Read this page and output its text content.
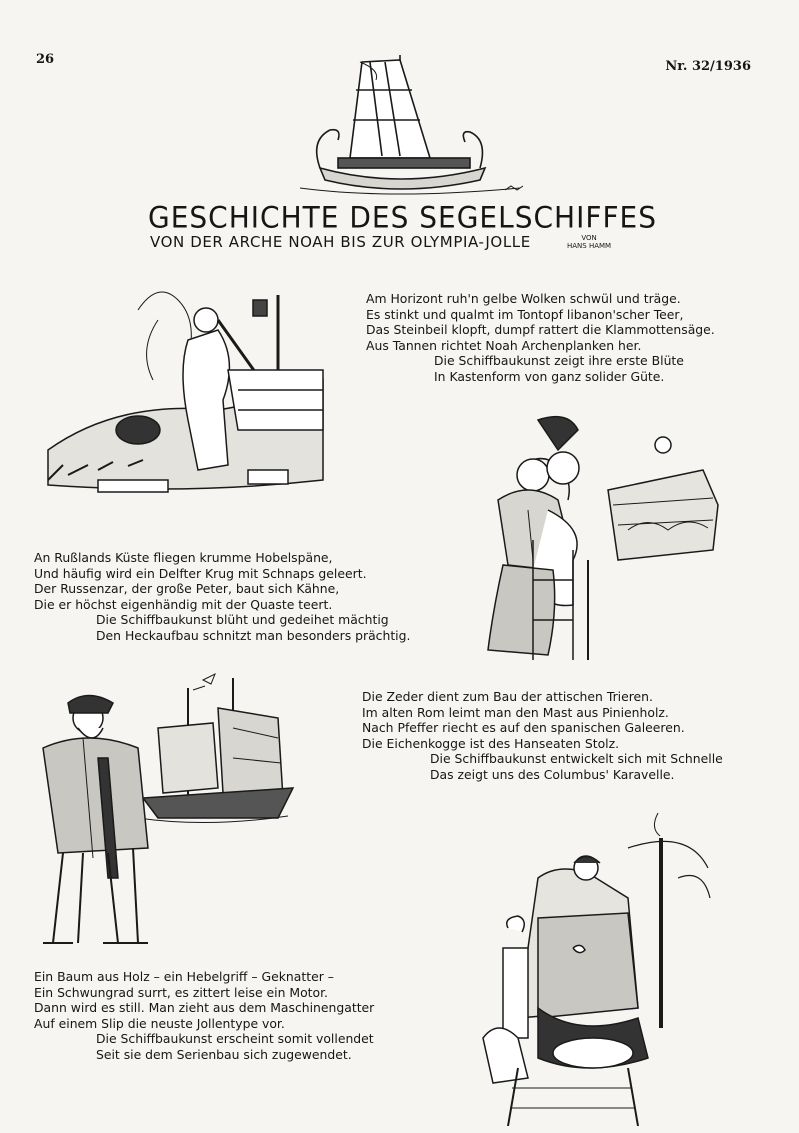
26	Nr. 32/1936
GESCHICHTE DES SEGELSCHIFFES
VON DER ARCHE NOAH BIS ZUR OLYMPIA-JOLLE	VON
HANS HAMM
Am Horizont ruh'n gelbe Wolken schwül und träge.
Es stinkt und qualmt im Tontopf libanon'scher Teer,
Das Steinbeil klopft, dumpf rattert die Klammottensäge.
Aus Tannen richtet Noah Archenplanken her.
Die Schiffbaukunst zeigt ihre erste Blüte
In Kastenform von ganz solider Güte.
An Rußlands Küste fliegen krumme Hobelspäne,
Und häufig wird ein Delfter Krug mit Schnaps geleert.
Der Russenzar, der große Peter, baut sich Kähne,
Die er höchst eigenhändig mit der Quaste teert.
Die Schiffbaukunst blüht und gedeihet mächtig
Den Heckaufbau schnitzt man besonders prächtig.
Die Zeder dient zum Bau der attischen Trieren.
Im alten Rom leimt man den Mast aus Pinienholz.
Nach Pfeffer riecht es auf den spanischen Galeeren.
Die Eichenkogge ist des Hanseaten Stolz.
Die Schiffbaukunst entwickelt sich mit Schnelle
Das zeigt uns des Columbus' Karavelle.
Ein Baum aus Holz – ein Hebelgriff – Geknatter –
Ein Schwungrad surrt, es zittert leise ein Motor.
Dann wird es still. Man zieht aus dem Maschinengatter
Auf einem Slip die neuste Jollentype vor.
Die Schiffbaukunst erscheint somit vollendet
Seit sie dem Serienbau sich zugewendet.
